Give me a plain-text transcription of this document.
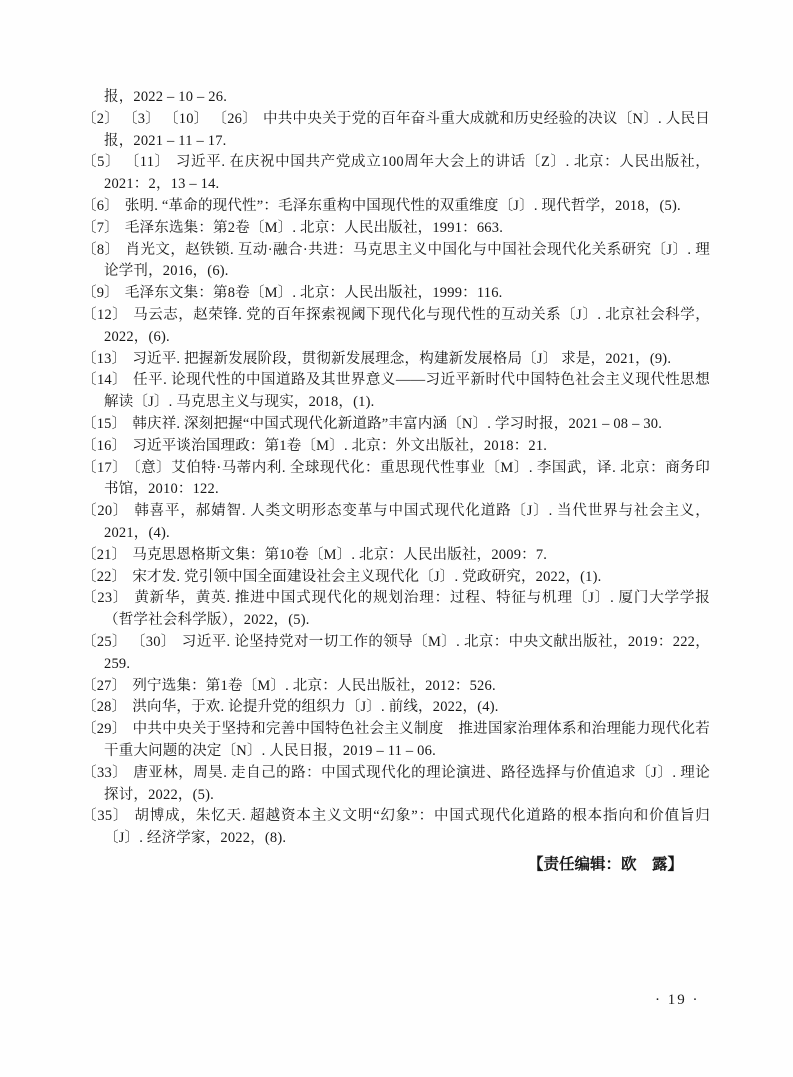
报，2022 – 10 – 26.

〔2〕 〔3〕 〔10〕 〔26〕 中共中央关于党的百年奋斗重大成就和历史经验的决议〔N〕. 人民日报，2021 – 11 – 17.

〔5〕 〔11〕 习近平. 在庆祝中国共产党成立100周年大会上的讲话〔Z〕. 北京：人民出版社，2021：2，13 – 14.

〔6〕 张明. “革命的现代性”：毛泽东重构中国现代性的双重维度〔J〕. 现代哲学，2018，(5).

〔7〕 毛泽东选集：第2卷〔M〕. 北京：人民出版社，1991：663.

〔8〕 肖光文，赵铁锁. 互动·融合·共进：马克思主义中国化与中国社会现代化关系研究〔J〕. 理论学刊，2016，(6).

〔9〕 毛泽东文集：第8卷〔M〕. 北京：人民出版社，1999：116.

〔12〕 马云志，赵荣锋. 党的百年探索视阈下现代化与现代性的互动关系〔J〕. 北京社会科学，2022，(6).

〔13〕 习近平. 把握新发展阶段，贯彻新发展理念，构建新发展格局〔J〕 求是，2021，(9).

〔14〕 任平. 论现代性的中国道路及其世界意义——习近平新时代中国特色社会主义现代性思想解读〔J〕. 马克思主义与现实，2018，(1).

〔15〕 韩庆祥. 深刻把握“中国式现代化新道路”丰富内涵〔N〕. 学习时报，2021 – 08 – 30.

〔16〕 习近平谈治国理政：第1卷〔M〕. 北京：外文出版社，2018：21.

〔17〕 〔意〕艾伯特·马蒂内利. 全球现代化：重思现代性事业〔M〕. 李国武，译. 北京：商务印书馆，2010：122.

〔20〕 韩喜平，郝婧智. 人类文明形态变革与中国式现代化道路〔J〕. 当代世界与社会主义，2021，(4).

〔21〕 马克思恩格斯文集：第10卷〔M〕. 北京：人民出版社，2009：7.

〔22〕 宋才发. 党引领中国全面建设社会主义现代化〔J〕. 党政研究，2022，(1).

〔23〕 黄新华，黄英. 推进中国式现代化的规划治理：过程、特征与机理〔J〕. 厦门大学学报（哲学社会科学版），2022，(5).

〔25〕 〔30〕 习近平. 论坚持党对一切工作的领导〔M〕. 北京：中央文献出版社，2019：222，259.

〔27〕 列宁选集：第1卷〔M〕. 北京：人民出版社，2012：526.

〔28〕 洪向华，于欢. 论提升党的组织力〔J〕. 前线，2022，(4).

〔29〕 中共中央关于坚持和完善中国特色社会主义制度　推进国家治理体系和治理能力现代化若干重大问题的决定〔N〕. 人民日报，2019 – 11 – 06.

〔33〕 唐亚林，周昊. 走自己的路：中国式现代化的理论演进、路径选择与价值追求〔J〕. 理论探讨，2022，(5).

〔35〕 胡博成，朱忆天. 超越资本主义文明“幻象”：中国式现代化道路的根本指向和价值旨归〔J〕. 经济学家，2022，(8).

【责任编辑：欧　露】
· 19 ·
